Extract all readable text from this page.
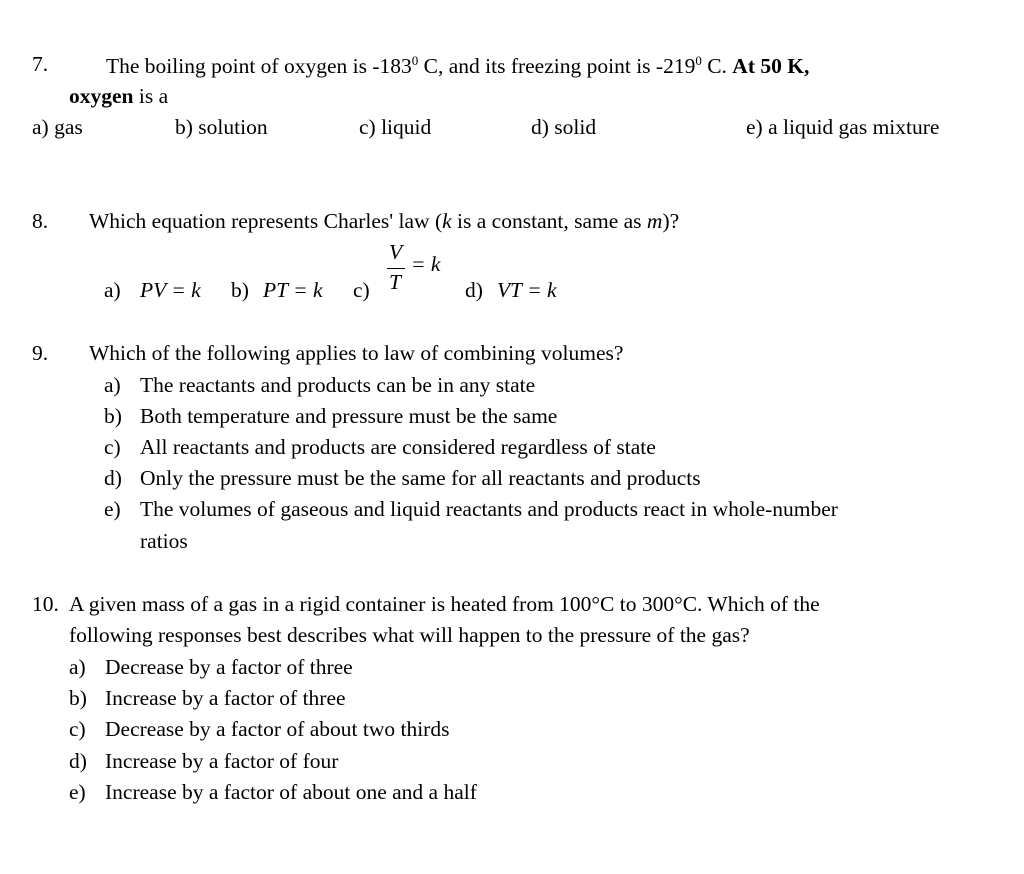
7.	The boiling point of oxygen is $-183^0$ C, and its freezing point is $-219^0$ C. At 50 K,
oxygen is a
a) gas	b) solution	c) liquid	d) solid	e) a liquid gas mixture
8. Which equation represents Charles' law (k is a constant, same as m)?
a) PV = k b) PT = k c)
V
T
= k
d) VT = k
9. Which of the following applies to law of combining volumes?
a) The reactants and products can be in any state
b) Both temperature and pressure must be the same
c) All reactants and products are considered regardless of state
d) Only the pressure must be the same for all reactants and products
e) The volumes of gaseous and liquid reactants and products react in whole-number
ratios
10. A given mass of a gas in a rigid container is heated from 100°C to 300°C. Which of the
following responses best describes what will happen to the pressure of the gas?
a) Decrease by a factor of three
b) Increase by a factor of three
c) Decrease by a factor of about two thirds
d) Increase by a factor of four
e) Increase by a factor of about one and a half
